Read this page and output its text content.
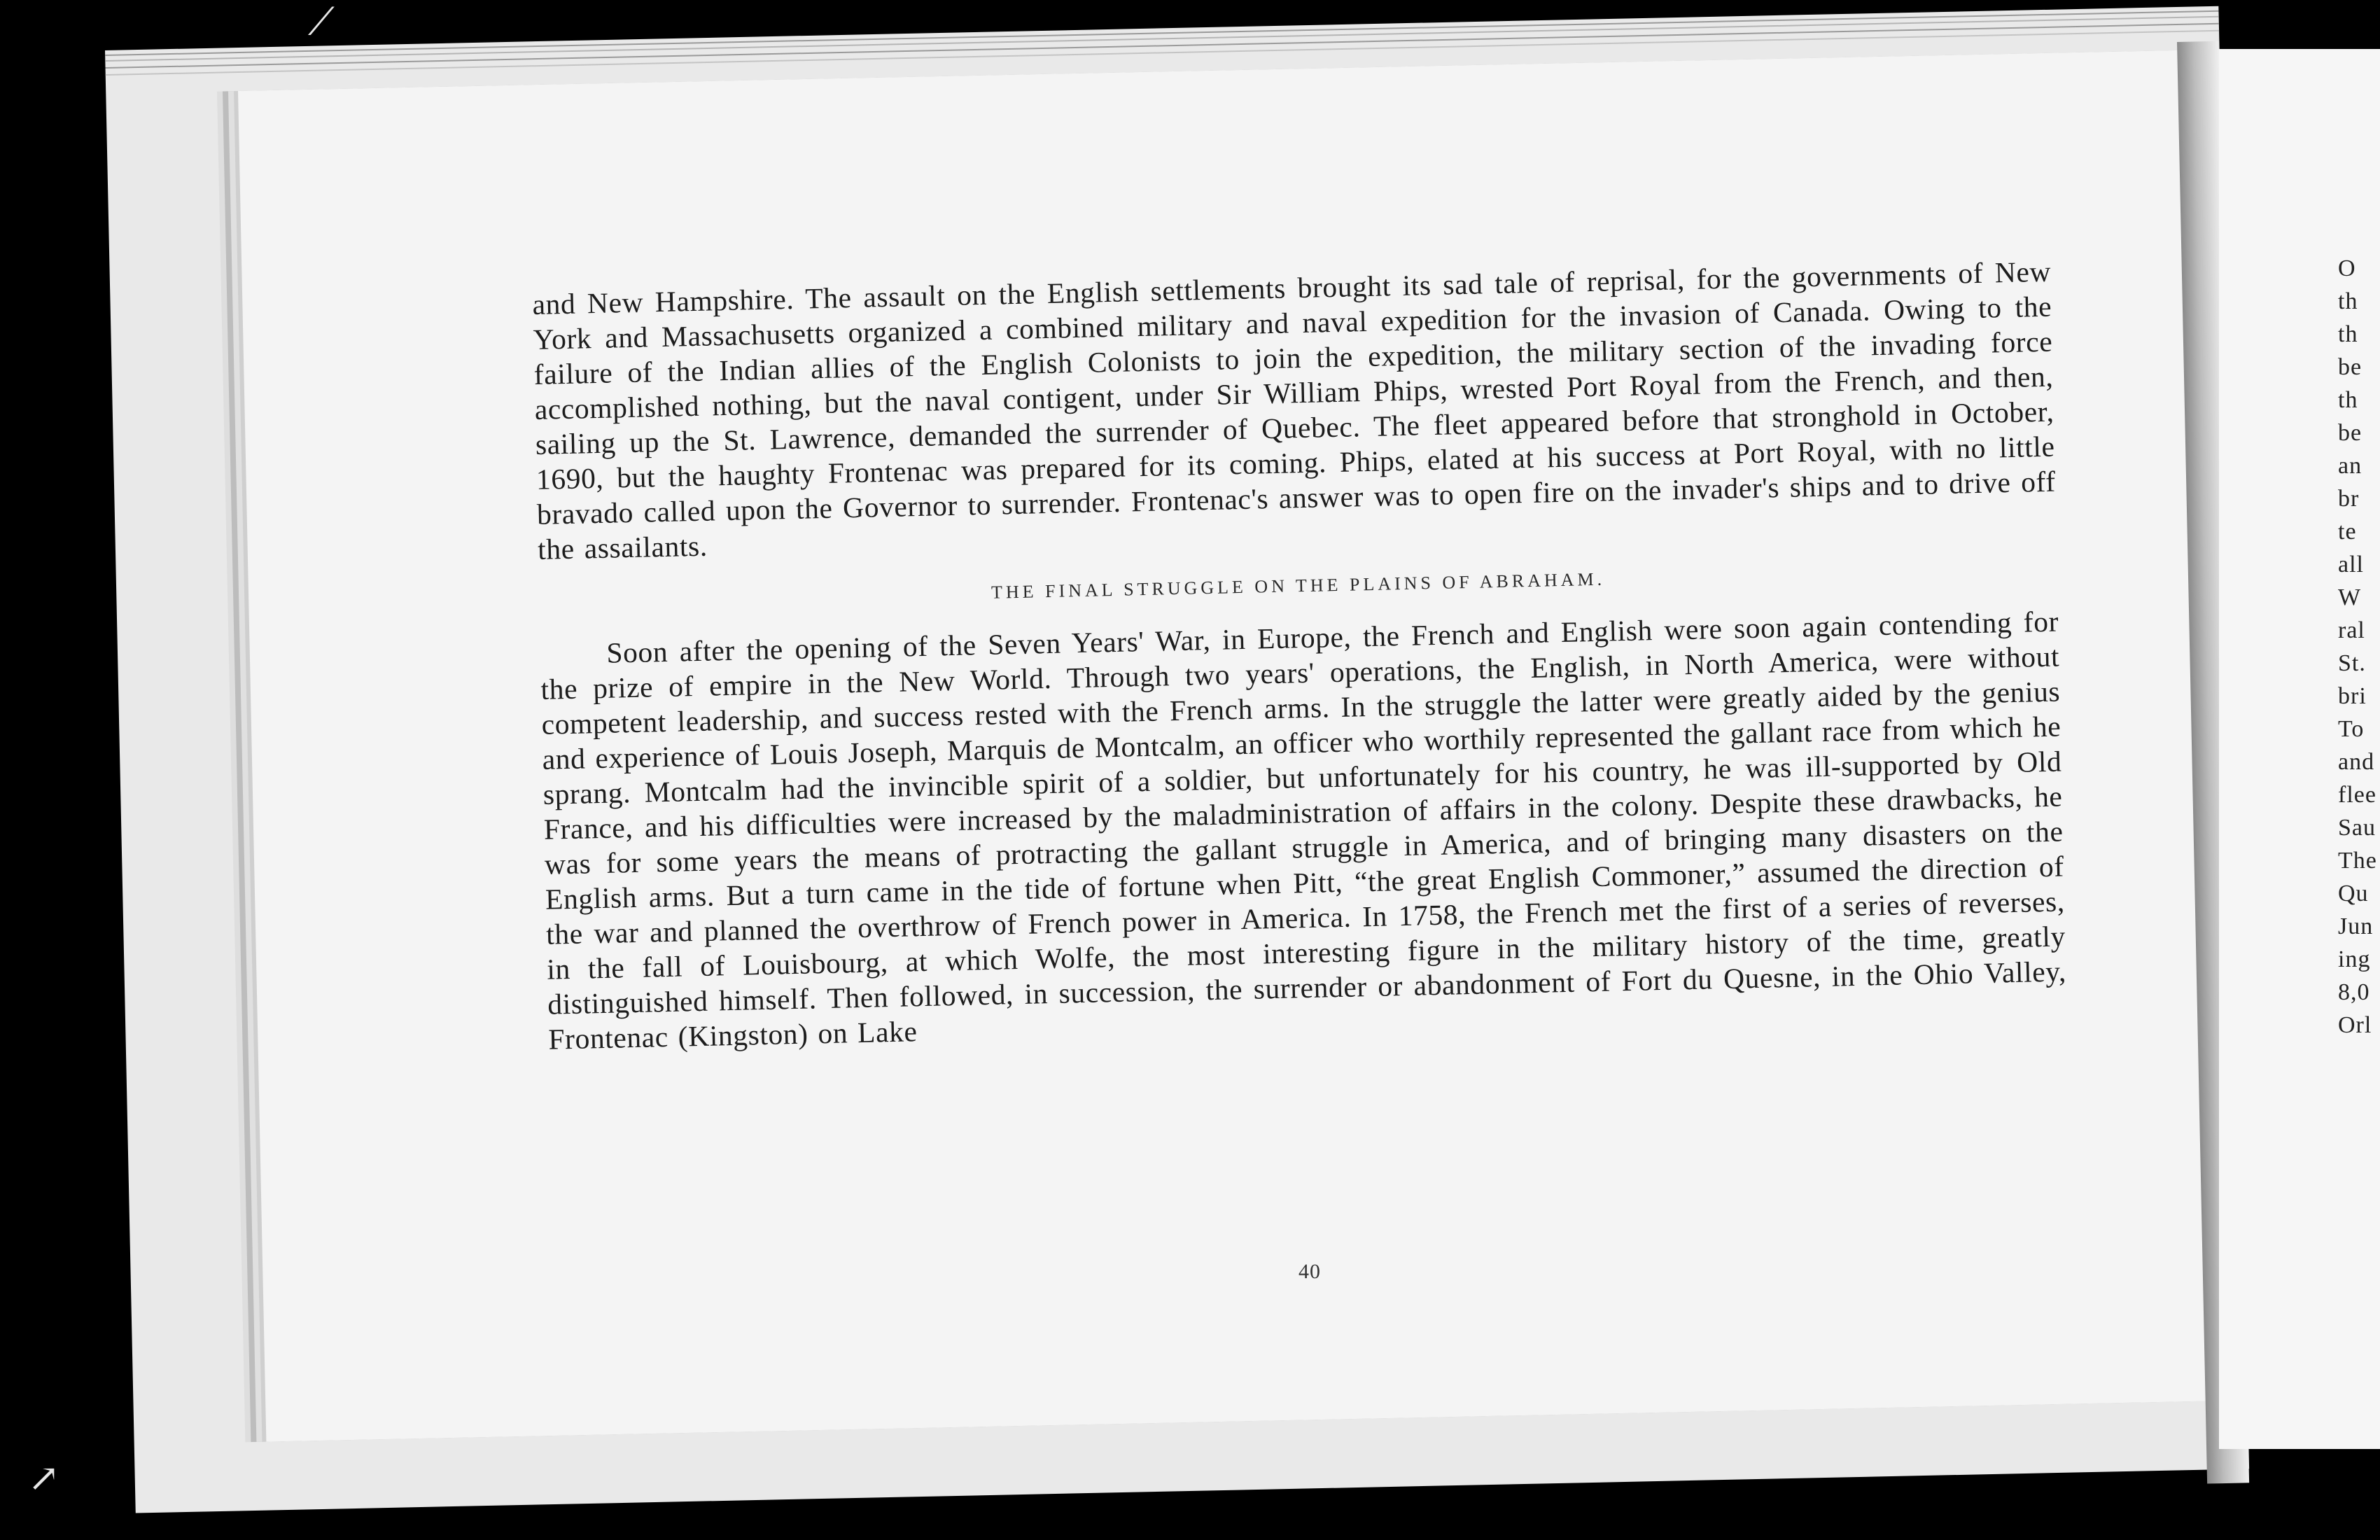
O
th
th
be
th
be
an
br
te
all
W
ral
St.
bri
To
and
flee
Sau
The
Qu
Jun
ing
8,0
Orl

and New Hampshire. The assault on the English settlements brought its sad tale of reprisal, for the governments of New York and Massachusetts organized a combined military and naval expedition for the invasion of Canada. Owing to the failure of the Indian allies of the English Colonists to join the expedition, the military section of the invading force accomplished nothing, but the naval contigent, under Sir William Phips, wrested Port Royal from the French, and then, sailing up the St. Lawrence, demanded the surrender of Quebec. The fleet appeared before that stronghold in October, 1690, but the haughty Frontenac was prepared for its coming. Phips, elated at his success at Port Royal, with no little bravado called upon the Governor to surrender. Frontenac's answer was to open fire on the invader's ships and to drive off the assailants.

THE FINAL STRUGGLE ON THE PLAINS OF ABRAHAM.

Soon after the opening of the Seven Years' War, in Europe, the French and English were soon again contending for the prize of empire in the New World. Through two years' operations, the English, in North America, were without competent leadership, and success rested with the French arms. In the struggle the latter were greatly aided by the genius and experience of Louis Joseph, Marquis de Montcalm, an officer who worthily represented the gallant race from which he sprang. Montcalm had the invincible spirit of a soldier, but unfortunately for his country, he was ill-supported by Old France, and his difficulties were increased by the maladministration of affairs in the colony. Despite these drawbacks, he was for some years the means of protracting the gallant struggle in America, and of bringing many disasters on the English arms. But a turn came in the tide of fortune when Pitt, “the great English Commoner,” assumed the direction of the war and planned the overthrow of French power in America. In 1758, the French met the first of a series of reverses, in the fall of Louisbourg, at which Wolfe, the most interesting figure in the military history of the time, greatly distinguished himself. Then followed, in succession, the surrender or abandonment of Fort du Quesne, in the Ohio Valley, Frontenac (Kingston) on Lake

40
⟋
↗
